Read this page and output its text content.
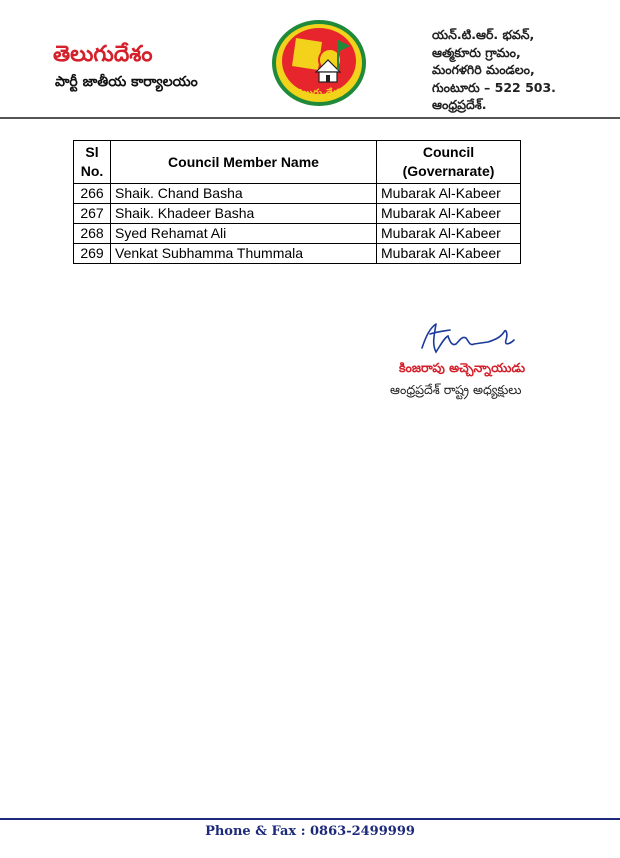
తెలుగుదేశం
పార్టీ జాతీయ కార్యాలయం
తెలుగు దేశం
యన్.టి.ఆర్. భవన్,
ఆత్మకూరు గ్రామం,
మంగళగిరి మండలం,
గుంటూరు – 522 503.
ఆంధ్రప్రదేశ్.
Sl No.	Council Member Name	Council (Governarate)
266	Shaik. Chand Basha	Mubarak Al-Kabeer
267	Shaik. Khadeer Basha	Mubarak Al-Kabeer
268	Syed Rehamat Ali	Mubarak Al-Kabeer
269	Venkat Subhamma Thummala	Mubarak Al-Kabeer
కింజరాపు అచ్చెన్నాయుడు
ఆంధ్రప్రదేశ్ రాష్ట్ర అధ్యక్షులు
Phone & Fax : 0863-2499999
